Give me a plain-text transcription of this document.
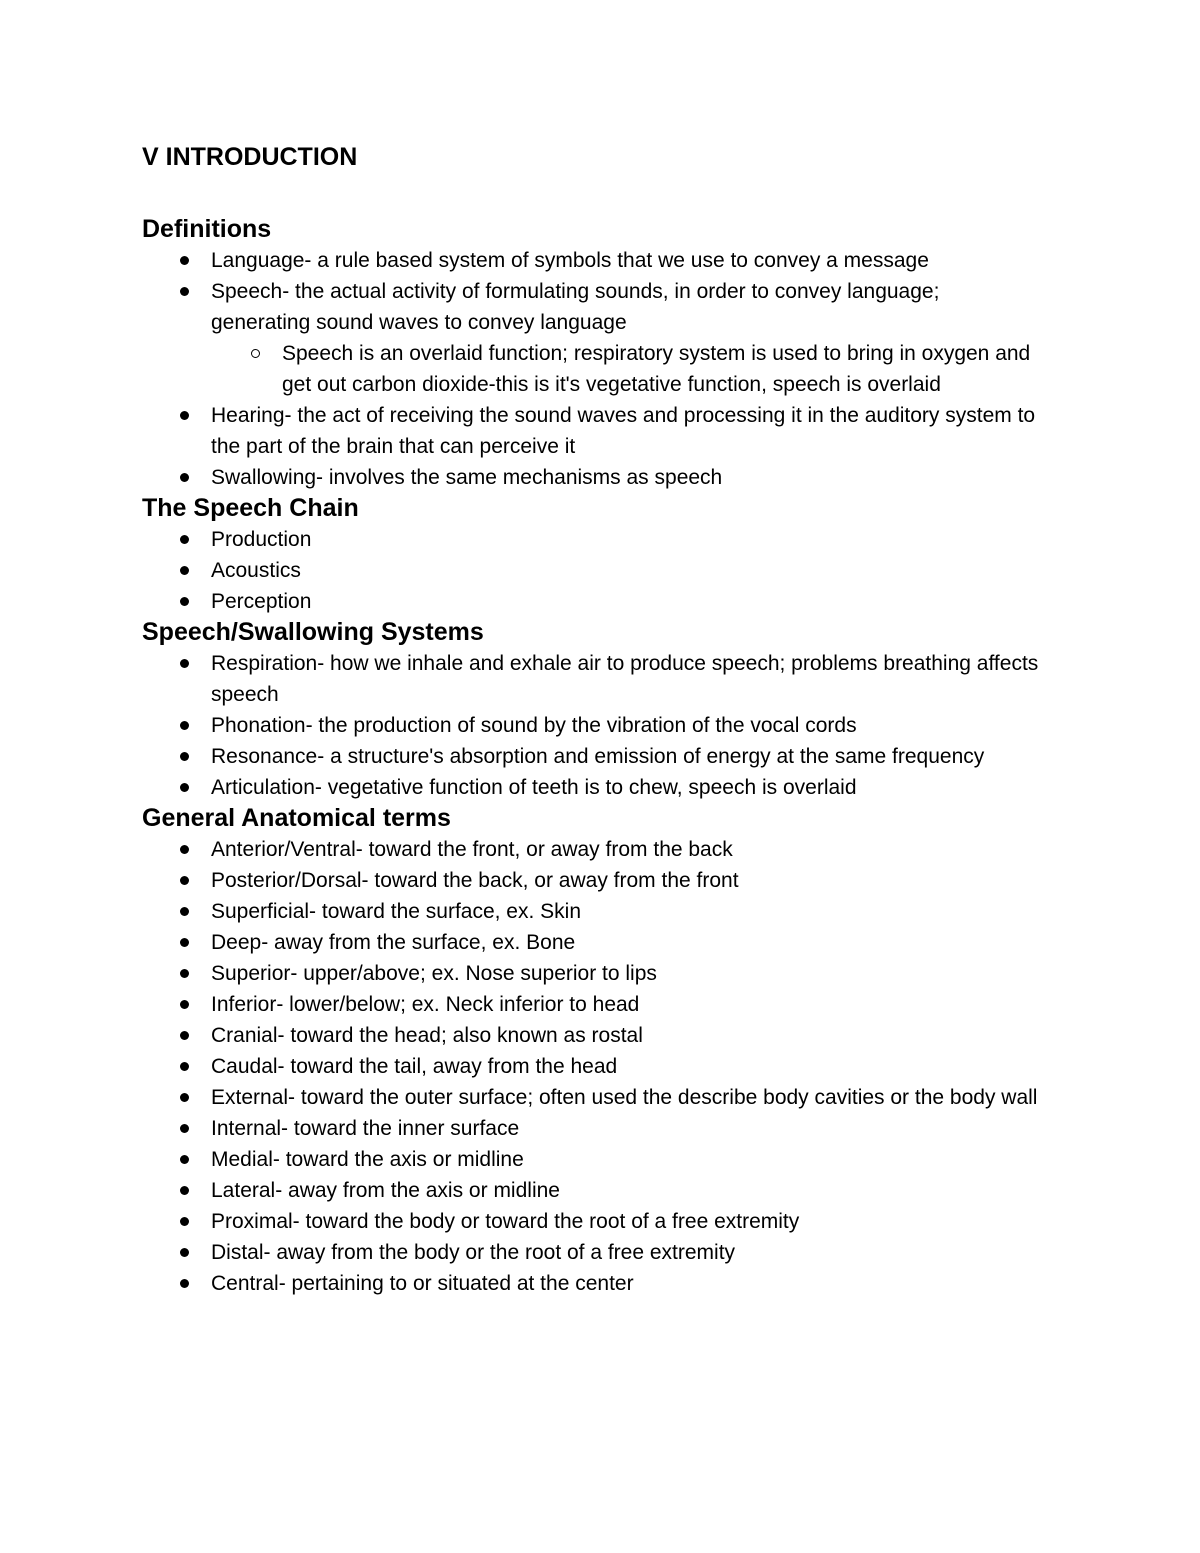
V INTRODUCTION
Definitions
Language- a rule based system of symbols that we use to convey a message
Speech- the actual activity of formulating sounds, in order to convey language; generating sound waves to convey language
Speech is an overlaid function; respiratory system is used to bring in oxygen and get out carbon dioxide-this is it's vegetative function, speech is overlaid
Hearing- the act of receiving the sound waves and processing it in the auditory system to the part of the brain that can perceive it
Swallowing- involves the same mechanisms as speech
The Speech Chain
Production
Acoustics
Perception
Speech/Swallowing Systems
Respiration- how we inhale and exhale air to produce speech; problems breathing affects speech
Phonation- the production of sound by the vibration of the vocal cords
Resonance- a structure's absorption and emission of energy at the same frequency
Articulation- vegetative function of teeth is to chew, speech is overlaid
General Anatomical terms
Anterior/Ventral- toward the front, or away from the back
Posterior/Dorsal- toward the back, or away from the front
Superficial- toward the surface, ex. Skin
Deep- away from the surface, ex. Bone
Superior- upper/above; ex. Nose superior to lips
Inferior- lower/below; ex. Neck inferior to head
Cranial- toward the head; also known as rostal
Caudal- toward the tail, away from the head
External- toward the outer surface; often used the describe body cavities or the body wall
Internal- toward the inner surface
Medial- toward the axis or midline
Lateral- away from the axis or midline
Proximal- toward the body or toward the root of a free extremity
Distal- away from the body or the root of a free extremity
Central- pertaining to or situated at the center
